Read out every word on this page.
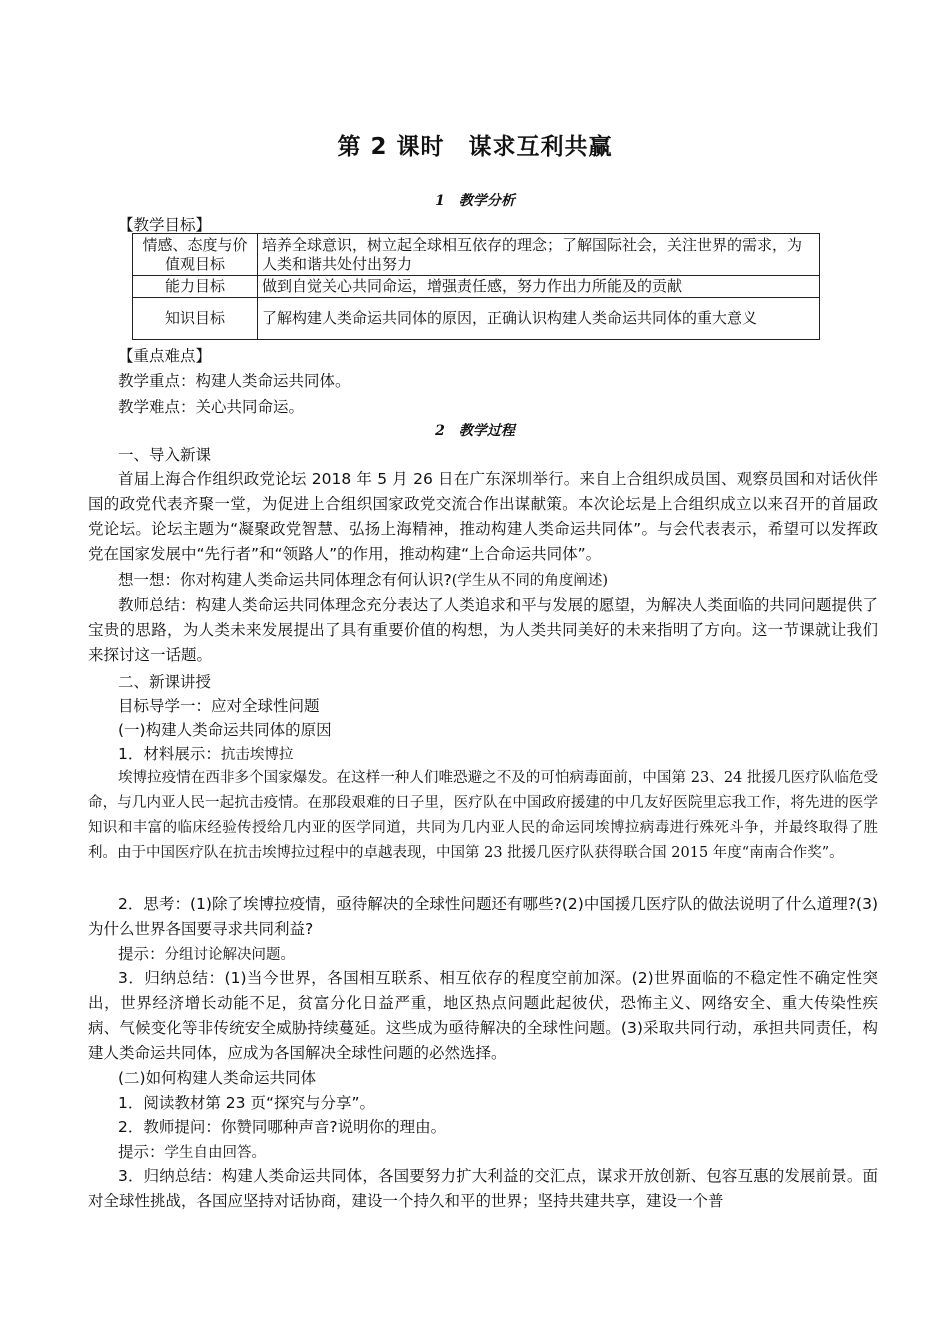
第 2 课时　谋求互利共赢
1　教学分析
【教学目标】
情感、态度与价值观目标	培养全球意识，树立起全球相互依存的理念；了解国际社会，关注世界的需求，为人类和谐共处付出努力
能力目标	做到自觉关心共同命运，增强责任感，努力作出力所能及的贡献
知识目标	了解构建人类命运共同体的原因，正确认识构建人类命运共同体的重大意义
【重点难点】
教学重点：构建人类命运共同体。
教学难点：关心共同命运。
2　教学过程
一、导入新课
首届上海合作组织政党论坛 2018 年 5 月 26 日在广东深圳举行。来自上合组织成员国、观察员国和对话伙伴国的政党代表齐聚一堂，为促进上合组织国家政党交流合作出谋献策。本次论坛是上合组织成立以来召开的首届政党论坛。论坛主题为“凝聚政党智慧、弘扬上海精神，推动构建人类命运共同体”。与会代表表示，希望可以发挥政党在国家发展中“先行者”和“领路人”的作用，推动构建“上合命运共同体”。
想一想：你对构建人类命运共同体理念有何认识?(学生从不同的角度阐述)
教师总结：构建人类命运共同体理念充分表达了人类追求和平与发展的愿望，为解决人类面临的共同问题提供了宝贵的思路，为人类未来发展提出了具有重要价值的构想，为人类共同美好的未来指明了方向。这一节课就让我们来探讨这一话题。
二、新课讲授
目标导学一：应对全球性问题
(一)构建人类命运共同体的原因
1．材料展示：抗击埃博拉
埃博拉疫情在西非多个国家爆发。在这样一种人们唯恐避之不及的可怕病毒面前，中国第 23、24 批援几医疗队临危受命，与几内亚人民一起抗击疫情。在那段艰难的日子里，医疗队在中国政府援建的中几友好医院里忘我工作，将先进的医学知识和丰富的临床经验传授给几内亚的医学同道，共同为几内亚人民的命运同埃博拉病毒进行殊死斗争，并最终取得了胜利。由于中国医疗队在抗击埃博拉过程中的卓越表现，中国第 23 批援几医疗队获得联合国 2015 年度“南南合作奖”。
2．思考：(1)除了埃博拉疫情，亟待解决的全球性问题还有哪些?(2)中国援几医疗队的做法说明了什么道理?(3)为什么世界各国要寻求共同利益?
提示：分组讨论解决问题。
3．归纳总结：(1)当今世界，各国相互联系、相互依存的程度空前加深。(2)世界面临的不稳定性不确定性突出，世界经济增长动能不足，贫富分化日益严重，地区热点问题此起彼伏，恐怖主义、网络安全、重大传染性疾病、气候变化等非传统安全威胁持续蔓延。这些成为亟待解决的全球性问题。(3)采取共同行动，承担共同责任，构建人类命运共同体，应成为各国解决全球性问题的必然选择。
(二)如何构建人类命运共同体
1．阅读教材第 23 页“探究与分享”。
2．教师提问：你赞同哪种声音?说明你的理由。
提示：学生自由回答。
3．归纳总结：构建人类命运共同体，各国要努力扩大利益的交汇点，谋求开放创新、包容互惠的发展前景。面对全球性挑战，各国应坚持对话协商，建设一个持久和平的世界；坚持共建共享，建设一个普
